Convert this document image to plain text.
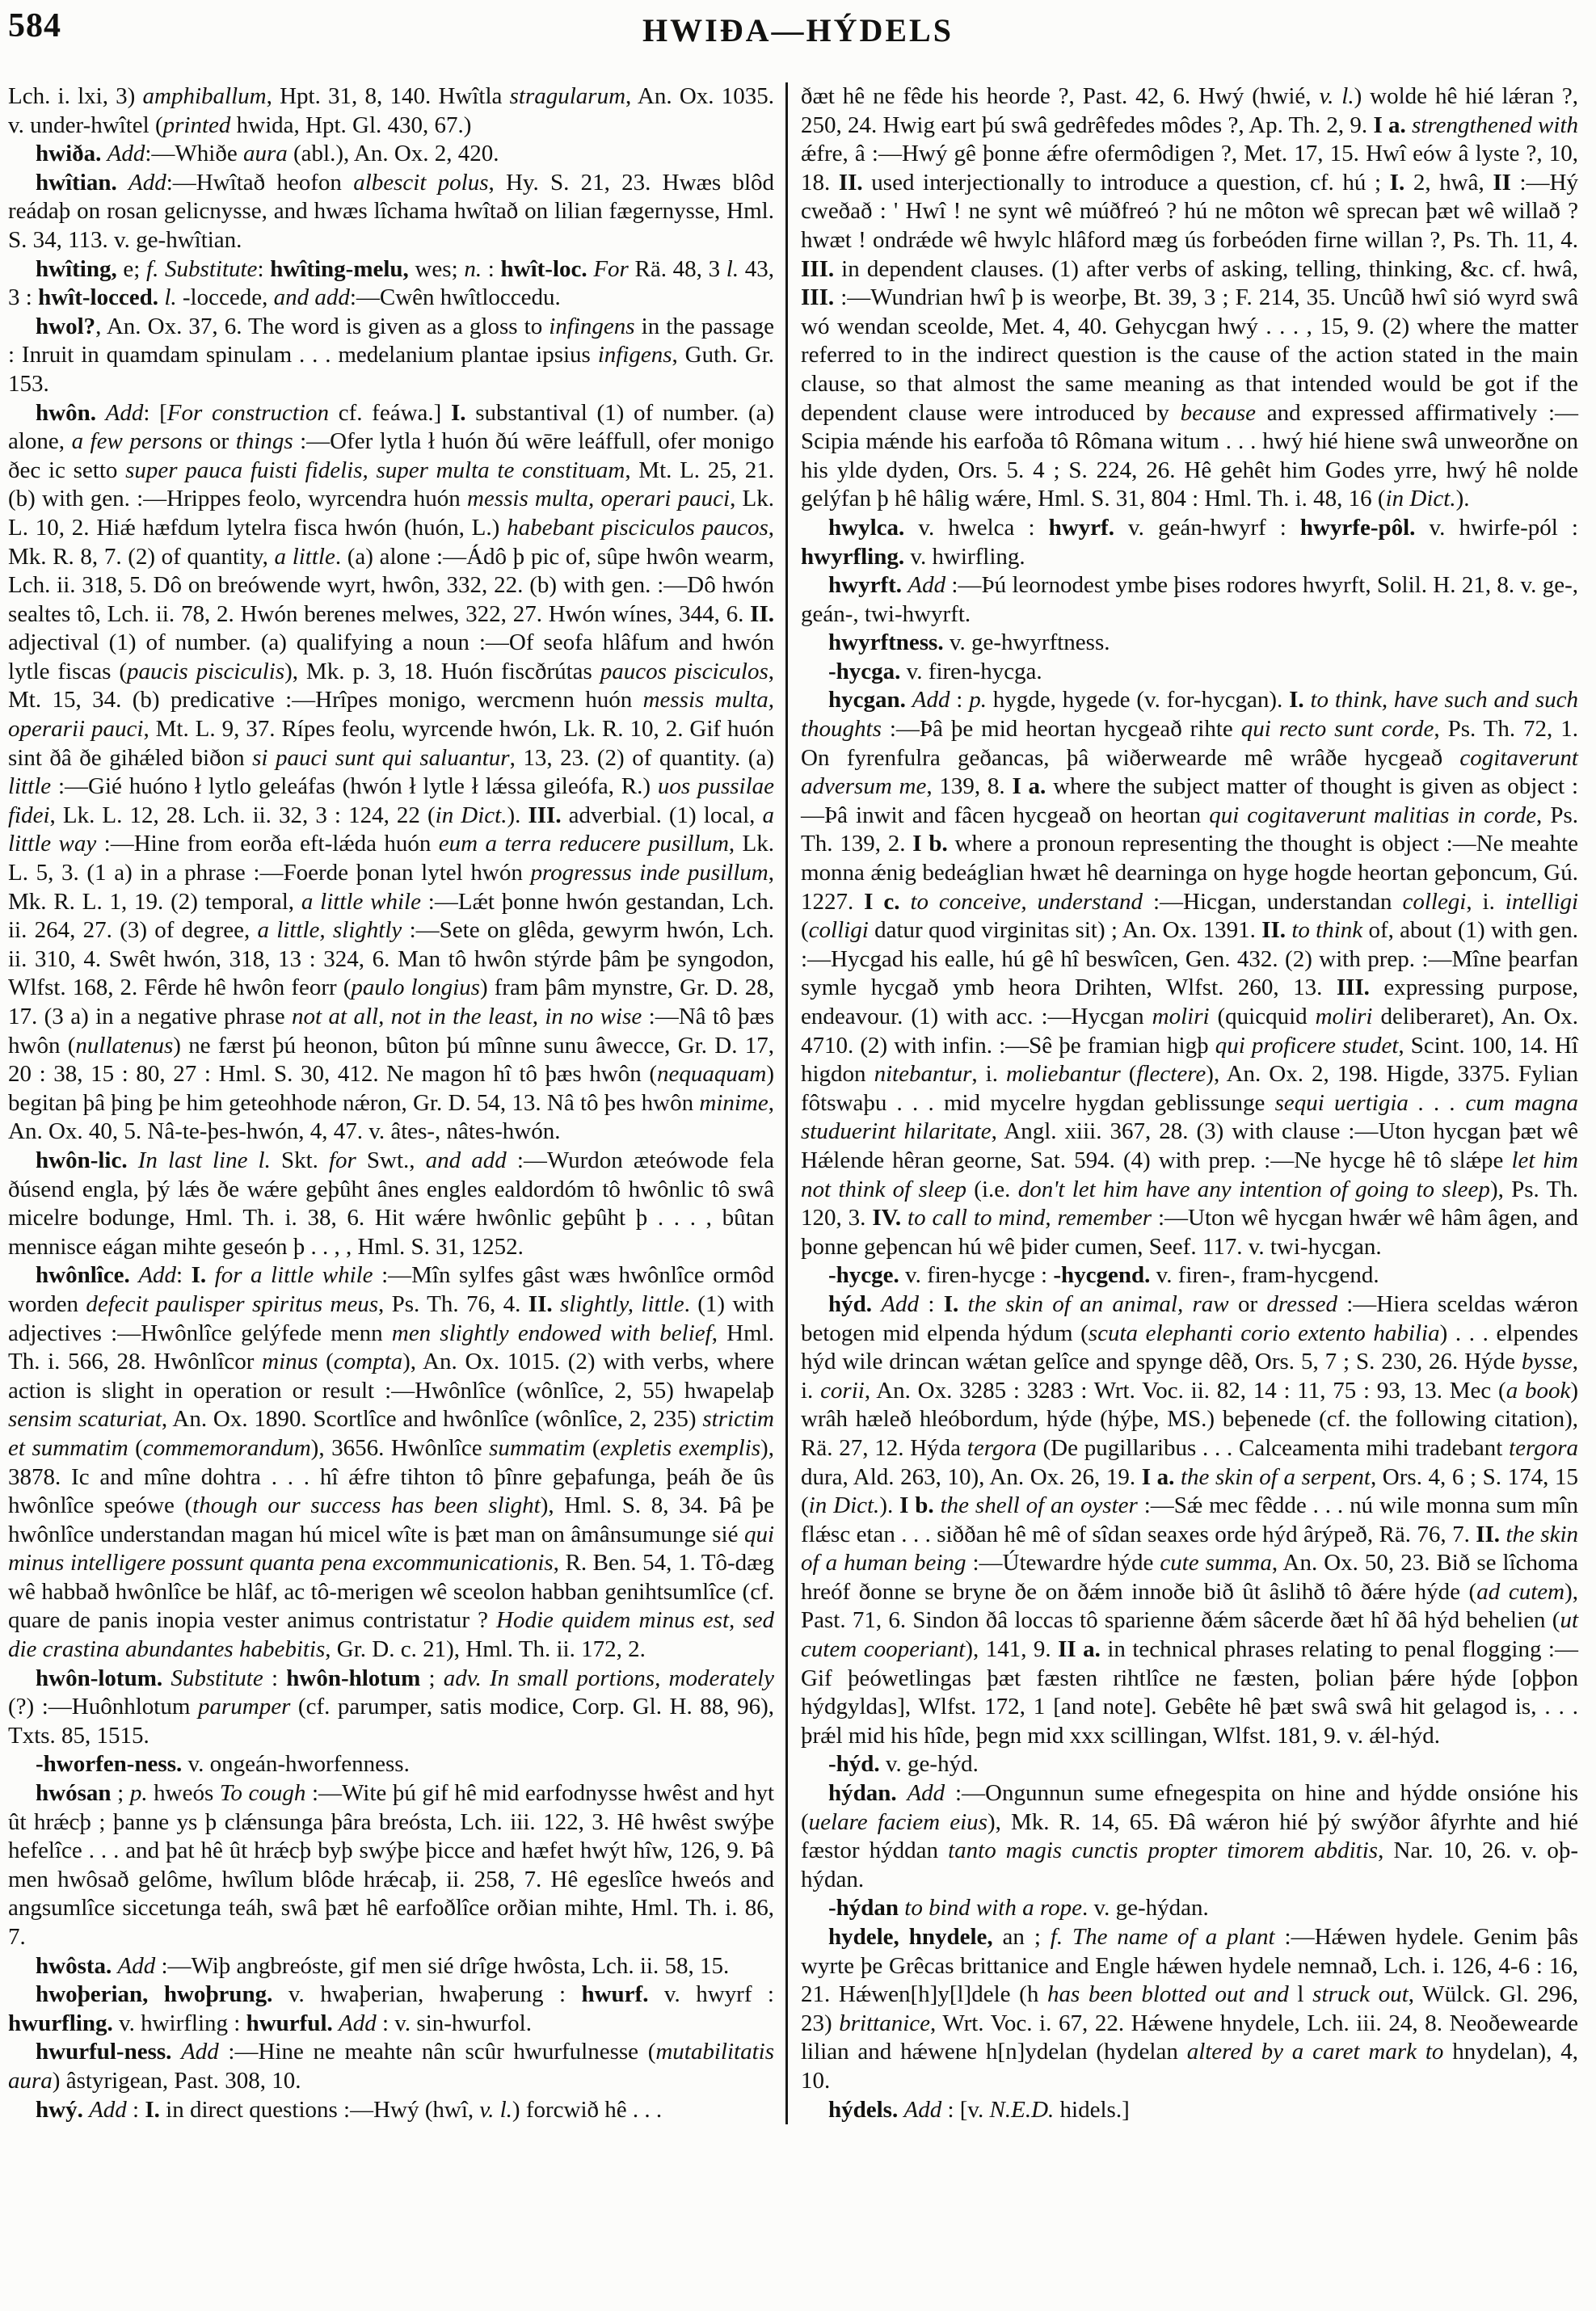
584	HWIÐA—HÝDELS

Lch. i. lxi, 3) amphiballum, Hpt. 31, 8, 140. Hwîtla stragularum, An. Ox. 1035. v. under-hwîtel (printed hwida, Hpt. Gl. 430, 67.)

hwiða. Add:—Whiðe aura (abl.), An. Ox. 2, 420.

hwîtian. Add:—Hwîtað heofon albescit polus, Hy. S. 21, 23. Hwæs blôd reádaþ on rosan gelicnysse, and hwæs lîchama hwîtað on lilian fægernysse, Hml. S. 34, 113. v. ge-hwîtian.

hwîting, e; f. Substitute: hwîting-melu, wes; n. : hwît-loc. For Rä. 48, 3 l. 43, 3 : hwît-locced. l. -loccede, and add:—Cwên hwîtloccedu.

hwol?, An. Ox. 37, 6. The word is given as a gloss to infingens in the passage : Inruit in quamdam spinulam . . . medelanium plantae ipsius infigens, Guth. Gr. 153.

hwôn. Add: [For construction cf. feáwa.] I. substantival (1) of number. (a) alone, a few persons or things :—Ofer lytla ł huón ðú wēre leáffull, ofer monigo ðec ic setto super pauca fuisti fidelis, super multa te constituam, Mt. L. 25, 21. (b) with gen. :—Hrippes feolo, wyrcendra huón messis multa, operari pauci, Lk. L. 10, 2. Hiǽ hæfdum lytelra fisca hwón (huón, L.) habebant pisciculos paucos, Mk. R. 8, 7. (2) of quantity, a little. (a) alone :—Ádô þ pic of, sûpe hwôn wearm, Lch. ii. 318, 5. Dô on breówende wyrt, hwôn, 332, 22. (b) with gen. :—Dô hwón sealtes tô, Lch. ii. 78, 2. Hwón berenes melwes, 322, 27. Hwón wínes, 344, 6. II. adjectival (1) of number. (a) qualifying a noun :—Of seofa hlâfum and hwón lytle fiscas (paucis pisciculis), Mk. p. 3, 18. Huón fiscðrútas paucos pisciculos, Mt. 15, 34. (b) predicative :—Hrîpes monigo, wercmenn huón messis multa, operarii pauci, Mt. L. 9, 37. Rípes feolu, wyrcende hwón, Lk. R. 10, 2. Gif huón sint ðâ ðe gihǽled biðon si pauci sunt qui saluantur, 13, 23. (2) of quantity. (a) little :—Gié huóno ł lytlo geleáfas (hwón ł lytle ł lǽssa gileófa, R.) uos pussilae fidei, Lk. L. 12, 28. Lch. ii. 32, 3 : 124, 22 (in Dict.). III. adverbial. (1) local, a little way :—Hine from eorða eft-lǽda huón eum a terra reducere pusillum, Lk. L. 5, 3. (1 a) in a phrase :—Foerde þonan lytel hwón progressus inde pusillum, Mk. R. L. 1, 19. (2) temporal, a little while :—Lǽt þonne hwón gestandan, Lch. ii. 264, 27. (3) of degree, a little, slightly :—Sete on glêda, gewyrm hwón, Lch. ii. 310, 4. Swêt hwón, 318, 13 : 324, 6. Man tô hwôn stýrde þâm þe syngodon, Wlfst. 168, 2. Fêrde hê hwôn feorr (paulo longius) fram þâm mynstre, Gr. D. 28, 17. (3 a) in a negative phrase not at all, not in the least, in no wise :—Nâ tô þæs hwôn (nullatenus) ne færst þú heonon, bûton þú mînne sunu âwecce, Gr. D. 17, 20 : 38, 15 : 80, 27 : Hml. S. 30, 412. Ne magon hî tô þæs hwôn (nequaquam) begitan þâ þing þe him geteohhode nǽron, Gr. D. 54, 13. Nâ tô þes hwôn minime, An. Ox. 40, 5. Nâ-te-þes-hwón, 4, 47. v. âtes-, nâtes-hwón.

hwôn-lic. In last line l. Skt. for Swt., and add :—Wurdon æteówode fela ðúsend engla, þý lǽs ðe wǽre geþûht ânes engles ealdordóm tô hwônlic tô swâ micelre bodunge, Hml. Th. i. 38, 6. Hit wǽre hwônlic geþûht þ . . . , bûtan mennisce eágan mihte geseón þ . . , , Hml. S. 31, 1252.

hwônlîce. Add: I. for a little while :—Mîn sylfes gâst wæs hwônlîce ormôd worden defecit paulisper spiritus meus, Ps. Th. 76, 4. II. slightly, little. (1) with adjectives :—Hwônlîce gelýfede menn men slightly endowed with belief, Hml. Th. i. 566, 28. Hwônlîcor minus (compta), An. Ox. 1015. (2) with verbs, where action is slight in operation or result :—Hwônlîce (wônlîce, 2, 55) hwapelaþ sensim scaturiat, An. Ox. 1890. Scortlîce and hwônlîce (wônlîce, 2, 235) strictim et summatim (commemorandum), 3656. Hwônlîce summatim (expletis exemplis), 3878. Ic and mîne dohtra . . . hî ǽfre tihton tô þînre geþafunga, þeáh ðe ûs hwônlîce speówe (though our success has been slight), Hml. S. 8, 34. Þâ þe hwônlîce understandan magan hú micel wîte is þæt man on âmânsumunge sié qui minus intelligere possunt quanta pena excommunicationis, R. Ben. 54, 1. Tô-dæg wê habbað hwônlîce be hlâf, ac tô-merigen wê sceolon habban genihtsumlîce (cf. quare de panis inopia vester animus contristatur ? Hodie quidem minus est, sed die crastina abundantes habebitis, Gr. D. c. 21), Hml. Th. ii. 172, 2.

hwôn-lotum. Substitute : hwôn-hlotum ; adv. In small portions, moderately (?) :—Huônhlotum parumper (cf. parumper, satis modice, Corp. Gl. H. 88, 96), Txts. 85, 1515.

-hworfen-ness. v. ongeán-hworfenness.

hwósan ; p. hweós To cough :—Wite þú gif hê mid earfodnysse hwêst and hyt ût hrǽcþ ; þanne ys þ clǽnsunga þâra breósta, Lch. iii. 122, 3. Hê hwêst swýþe hefelîce . . . and þat hê ût hrǽcþ byþ swýþe þicce and hæfet hwýt hîw, 126, 9. Þâ men hwôsað gelôme, hwîlum blôde hrǽcaþ, ii. 258, 7. Hê egeslîce hweós and angsumlîce siccetunga teáh, swâ þæt hê earfoðlîce orðian mihte, Hml. Th. i. 86, 7.

hwôsta. Add :—Wiþ angbreóste, gif men sié drîge hwôsta, Lch. ii. 58, 15.

hwoþerian, hwoþrung. v. hwaþerian, hwaþerung : hwurf. v. hwyrf : hwurfling. v. hwirfling : hwurful. Add : v. sin-hwurfol.

hwurful-ness. Add :—Hine ne meahte nân scûr hwurfulnesse (mutabilitatis aura) âstyrigean, Past. 308, 10.

hwý. Add : I. in direct questions :—Hwý (hwî, v. l.) forcwið hê . . .

ðæt hê ne fêde his heorde ?, Past. 42, 6. Hwý (hwié, v. l.) wolde hê hié lǽran ?, 250, 24. Hwig eart þú swâ gedrêfedes môdes ?, Ap. Th. 2, 9. I a. strengthened with ǽfre, â :—Hwý gê þonne ǽfre ofermôdigen ?, Met. 17, 15. Hwî eów â lyste ?, 10, 18. II. used interjectionally to introduce a question, cf. hú ; I. 2, hwâ, II :—Hý cweðað : ' Hwî ! ne synt wê múðfreó ? hú ne môton wê sprecan þæt wê willað ? hwæt ! ondrǽde wê hwylc hlâford mæg ús forbeóden firne willan ?, Ps. Th. 11, 4. III. in dependent clauses. (1) after verbs of asking, telling, thinking, &c. cf. hwâ, III. :—Wundrian hwî þ is weorþe, Bt. 39, 3 ; F. 214, 35. Uncûð hwî sió wyrd swâ wó wendan sceolde, Met. 4, 40. Gehycgan hwý . . . , 15, 9. (2) where the matter referred to in the indirect question is the cause of the action stated in the main clause, so that almost the same meaning as that intended would be got if the dependent clause were introduced by because and expressed affirmatively :—Scipia mǽnde his earfoða tô Rômana witum . . . hwý hié hiene swâ unweorðne on his ylde dyden, Ors. 5. 4 ; S. 224, 26. Hê gehêt him Godes yrre, hwý hê nolde gelýfan þ hê hâlig wǽre, Hml. S. 31, 804 : Hml. Th. i. 48, 16 (in Dict.).

hwylca. v. hwelca : hwyrf. v. geán-hwyrf : hwyrfe-pôl. v. hwirfe-pól : hwyrfling. v. hwirfling.

hwyrft. Add :—Þú leornodest ymbe þises rodores hwyrft, Solil. H. 21, 8. v. ge-, geán-, twi-hwyrft.

hwyrftness. v. ge-hwyrftness.

-hycga. v. firen-hycga.

hycgan. Add : p. hygde, hygede (v. for-hycgan). I. to think, have such and such thoughts :—Þâ þe mid heortan hycgeað rihte qui recto sunt corde, Ps. Th. 72, 1. On fyrenfulra geðancas, þâ wiðerwearde mê wrâðe hycgeað cogitaverunt adversum me, 139, 8. I a. where the subject matter of thought is given as object :—Þâ inwit and fâcen hycgeað on heortan qui cogitaverunt malitias in corde, Ps. Th. 139, 2. I b. where a pronoun representing the thought is object :—Ne meahte monna ǽnig bedeáglian hwæt hê dearninga on hyge hogde heortan geþoncum, Gú. 1227. I c. to conceive, understand :—Hicgan, understandan collegi, i. intelligi (colligi datur quod virginitas sit) ; An. Ox. 1391. II. to think of, about (1) with gen. :—Hycgad his ealle, hú gê hî beswîcen, Gen. 432. (2) with prep. :—Mîne þearfan symle hycgað ymb heora Drihten, Wlfst. 260, 13. III. expressing purpose, endeavour. (1) with acc. :—Hycgan moliri (quicquid moliri deliberaret), An. Ox. 4710. (2) with infin. :—Sê þe framian higþ qui proficere studet, Scint. 100, 14. Hî higdon nitebantur, i. moliebantur (flectere), An. Ox. 2, 198. Higde, 3375. Fylian fôtswaþu . . . mid mycelre hygdan geblissunge sequi uertigia . . . cum magna studuerint hilaritate, Angl. xiii. 367, 28. (3) with clause :—Uton hycgan þæt wê Hǽlende hêran georne, Sat. 594. (4) with prep. :—Ne hycge hê tô slǽpe let him not think of sleep (i.e. don't let him have any intention of going to sleep), Ps. Th. 120, 3. IV. to call to mind, remember :—Uton wê hycgan hwǽr wê hâm âgen, and þonne geþencan hú wê þider cumen, Seef. 117. v. twi-hycgan.

-hycge. v. firen-hycge : -hycgend. v. firen-, fram-hycgend.

hýd. Add : I. the skin of an animal, raw or dressed :—Hiera sceldas wǽron betogen mid elpenda hýdum (scuta elephanti corio extento habilia) . . . elpendes hýd wile drincan wǽtan gelîce and spynge dêð, Ors. 5, 7 ; S. 230, 26. Hýde bysse, i. corii, An. Ox. 3285 : 3283 : Wrt. Voc. ii. 82, 14 : 11, 75 : 93, 13. Mec (a book) wrâh hæleð hleóbordum, hýde (hýþe, MS.) beþenede (cf. the following citation), Rä. 27, 12. Hýda tergora (De pugillaribus . . . Calceamenta mihi tradebant tergora dura, Ald. 263, 10), An. Ox. 26, 19. I a. the skin of a serpent, Ors. 4, 6 ; S. 174, 15 (in Dict.). I b. the shell of an oyster :—Sǽ mec fêdde . . . nú wile monna sum mîn flǽsc etan . . . siððan hê mê of sîdan seaxes orde hýd ârýpeð, Rä. 76, 7. II. the skin of a human being :—Útewardre hýde cute summa, An. Ox. 50, 23. Bið se lîchoma hreóf ðonne se bryne ðe on ðǽm innoðe bið ût âslihð tô ðǽre hýde (ad cutem), Past. 71, 6. Sindon ðâ loccas tô sparienne ðǽm sâcerde ðæt hî ðâ hýd behelien (ut cutem cooperiant), 141, 9. II a. in technical phrases relating to penal flogging :—Gif þeówetlingas þæt fæsten rihtlîce ne fæsten, þolian þǽre hýde [oþþon hýdgyldas], Wlfst. 172, 1 [and note]. Gebête hê þæt swâ swâ hit gelagod is, . . . þrǽl mid his hîde, þegn mid xxx scillingan, Wlfst. 181, 9. v. ǽl-hýd.

-hýd. v. ge-hýd.

hýdan. Add :—Ongunnun sume efnegespita on hine and hýdde onsióne his (uelare faciem eius), Mk. R. 14, 65. Ðâ wǽron hié þý swýðor âfyrhte and hié fæstor hýddan tanto magis cunctis propter timorem abditis, Nar. 10, 26. v. oþ-hýdan.

-hýdan to bind with a rope. v. ge-hýdan.

hydele, hnydele, an ; f. The name of a plant :—Hǽwen hydele. Genim þâs wyrte þe Grêcas brittanice and Engle hǽwen hydele nemnað, Lch. i. 126, 4-6 : 16, 21. Hǽwen[h]y[l]dele (h has been blotted out and l struck out, Wülck. Gl. 296, 23) brittanice, Wrt. Voc. i. 67, 22. Hǽwene hnydele, Lch. iii. 24, 8. Neoðewearde lilian and hǽwene h[n]ydelan (hydelan altered by a caret mark to hnydelan), 4, 10.

hýdels. Add : [v. N.E.D. hidels.]
